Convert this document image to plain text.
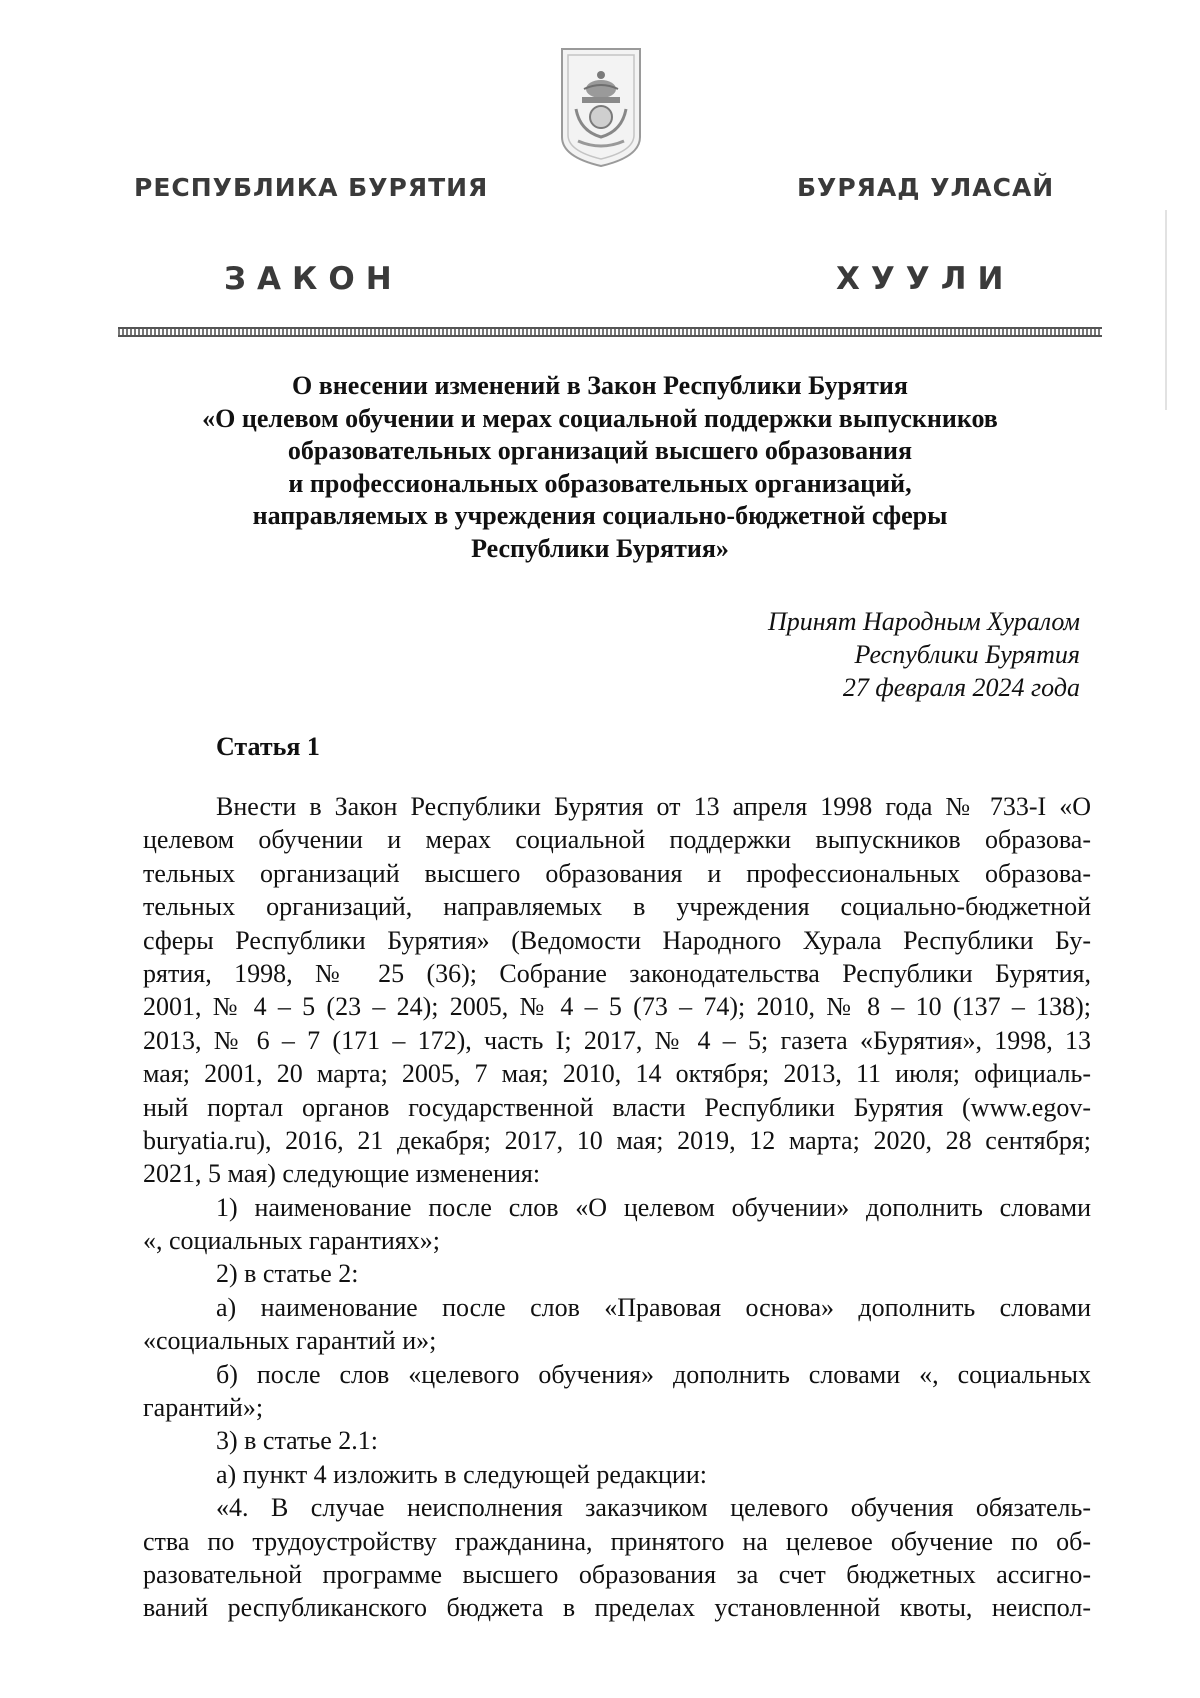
РЕСПУБЛИКА БУРЯТИЯ	БУРЯАД УЛАСАЙ
ЗАКОН	ХУУЛИ
О внесении изменений в Закон Республики Бурятия
«О целевом обучении и мерах социальной поддержки выпускников
образовательных организаций высшего образования
и профессиональных образовательных организаций,
направляемых в учреждения социально-бюджетной сферы
Республики Бурятия»
Принят Народным Хуралом
Республики Бурятия
27 февраля 2024 года
Статья 1
Внести в Закон Республики Бурятия от 13 апреля 1998 года № 733-I «О
целевом обучении и мерах социальной поддержки выпускников образова-
тельных организаций высшего образования и профессиональных образова-
тельных организаций, направляемых в учреждения социально-бюджетной
сферы Республики Бурятия» (Ведомости Народного Хурала Республики Бу-
рятия, 1998, № 25 (36); Собрание законодательства Республики Бурятия,
2001, № 4 – 5 (23 – 24); 2005, № 4 – 5 (73 – 74); 2010, № 8 – 10 (137 – 138);
2013, № 6 – 7 (171 – 172), часть I; 2017, № 4 – 5; газета «Бурятия», 1998, 13
мая; 2001, 20 марта; 2005, 7 мая; 2010, 14 октября; 2013, 11 июля; официаль-
ный портал органов государственной власти Республики Бурятия (www.egov-
buryatia.ru), 2016, 21 декабря; 2017, 10 мая; 2019, 12 марта; 2020, 28 сентября;
2021, 5 мая) следующие изменения:
1) наименование после слов «О целевом обучении» дополнить словами
«, социальных гарантиях»;
2) в статье 2:
а) наименование после слов «Правовая основа» дополнить словами
«социальных гарантий и»;
б) после слов «целевого обучения» дополнить словами «, социальных
гарантий»;
3) в статье 2.1:
а) пункт 4 изложить в следующей редакции:
«4. В случае неисполнения заказчиком целевого обучения обязатель-
ства по трудоустройству гражданина, принятого на целевое обучение по об-
разовательной программе высшего образования за счет бюджетных ассигно-
ваний республиканского бюджета в пределах установленной квоты, неиспол-
